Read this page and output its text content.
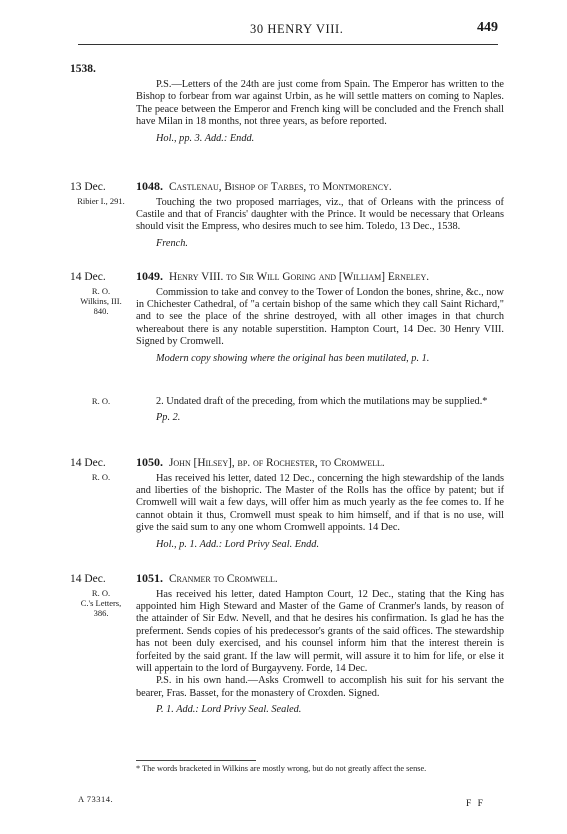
30 HENRY VIII.	449
1538.

P.S.—Letters of the 24th are just come from Spain. The Emperor has written to the Bishop to forbear from war against Urbin, as he will settle matters on coming to Naples. The peace between the Emperor and French king will be concluded and the French shall have Milan in 18 months, not three years, as before reported.

Hol., pp. 3. Add.: Endd.

13 Dec.
Ribier I., 291.

1048. Castlenau, Bishop of Tarbes, to Montmorency.

Touching the two proposed marriages, viz., that of Orleans with the princess of Castile and that of Francis' daughter with the Prince. It would be necessary that Orleans should visit the Empress, who desires much to see him. Toledo, 13 Dec., 1538.

French.

14 Dec.
R. O.
Wilkins, III.
840.

1049. Henry VIII. to Sir Will Goring and [William] Erneley.

Commission to take and convey to the Tower of London the bones, shrine, &c., now in Chichester Cathedral, of "a certain bishop of the same which they call Saint Richard," and to see the place of the shrine destroyed, with all other images in that church whereabout there is any notable superstition. Hampton Court, 14 Dec. 30 Henry VIII. Signed by Cromwell.

Modern copy showing where the original has been mutilated, p. 1.

R. O.	2. Undated draft of the preceding, from which the mutilations may be supplied.*

Pp. 2.

14 Dec.
R. O.

1050. John [Hilsey], bp. of Rochester, to Cromwell.

Has received his letter, dated 12 Dec., concerning the high stewardship of the lands and liberties of the bishopric. The Master of the Rolls has the office by patent; but if Cromwell will wait a few days, will offer him as much yearly as the fee comes to. If he cannot obtain it thus, Cromwell must speak to him himself, and if that is no use, will give the said sum to any one whom Cromwell appoints. 14 Dec.

Hol., p. 1. Add.: Lord Privy Seal. Endd.

14 Dec.
R. O.
C.'s Letters,
386.

1051. Cranmer to Cromwell.

Has received his letter, dated Hampton Court, 12 Dec., stating that the King has appointed him High Steward and Master of the Game of Cranmer's lands, by reason of the attainder of Sir Edw. Nevell, and that he desires his confirmation. Is glad he has the preferment. Sends copies of his predecessor's grants of the said offices. The stewardship has not been duly exercised, and his counsel inform him that the interest therein is forfeited by the said grant. If the law will permit, will assure it to him for life, or else it will appertain to the lord of Burgayveny. Forde, 14 Dec.

P.S. in his own hand.—Asks Cromwell to accomplish his suit for his servant the bearer, Fras. Basset, for the monastery of Croxden. Signed.

P. 1. Add.: Lord Privy Seal. Sealed.

* The words bracketed in Wilkins are mostly wrong, but do not greatly affect the sense.
A 73314.	F F
